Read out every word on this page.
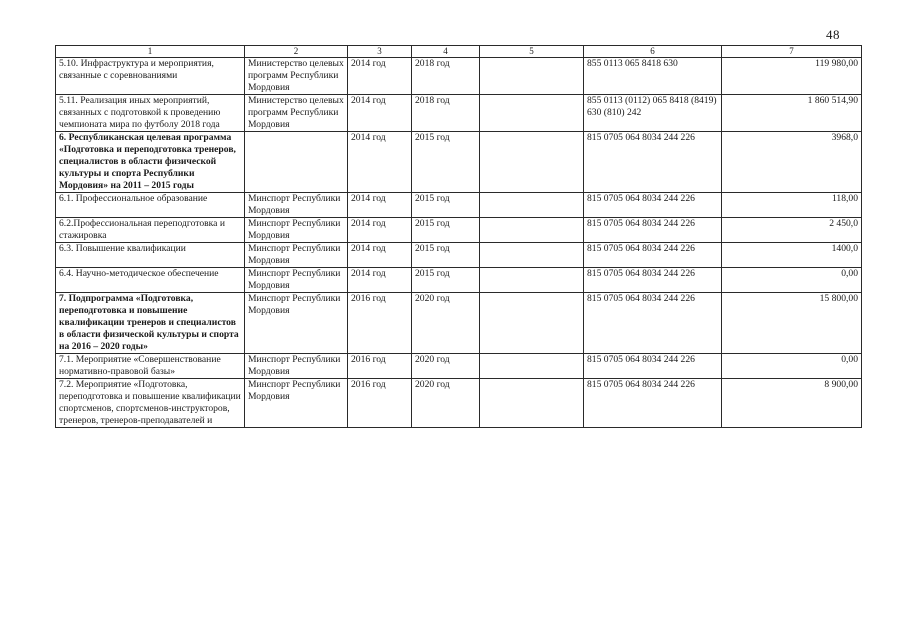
48
1	2	3	4	5	6	7
5.10. Инфраструктура и мероприятия, связанные с соревнованиями	Министерство целевых программ Республики Мордовия	2014 год	2018 год		855 0113 065 8418 630	119 980,00
5.11. Реализация иных мероприятий, связанных с подготовкой к проведению чемпионата мира по футболу 2018 года	Министерство целевых программ Республики Мордовия	2014 год	2018 год		855 0113 (0112) 065 8418 (8419) 630 (810) 242	1 860 514,90
6. Республиканская целевая программа «Подготовка и переподготовка тренеров, специалистов в области физической культуры и спорта Республики Мордовия» на 2011 – 2015 годы		2014 год	2015 год		815 0705 064 8034 244 226	3968,0
6.1. Профессиональное образование	Минспорт Республики Мордовия	2014 год	2015 год		815 0705 064 8034 244 226	118,00
6.2.Профессиональная переподготовка и стажировка	Минспорт Республики Мордовия	2014 год	2015 год		815 0705 064 8034 244 226	2 450,0
6.3. Повышение квалификации	Минспорт Республики Мордовия	2014 год	2015 год		815 0705 064 8034 244 226	1400,0
6.4. Научно-методическое обеспечение	Минспорт Республики Мордовия	2014 год	2015 год		815 0705 064 8034 244 226	0,00
7. Подпрограмма «Подготовка, переподготовка и повышение квалификации тренеров и специалистов в области физической культуры и спорта на 2016 – 2020 годы»	Минспорт Республики Мордовия	2016 год	2020 год		815 0705 064 8034 244 226	15 800,00
7.1. Мероприятие «Совершенствование нормативно-правовой базы»	Минспорт Республики Мордовия	2016 год	2020 год		815 0705 064 8034 244 226	0,00
7.2. Мероприятие «Подготовка, переподготовка и повышение квалификации спортсменов, спортсменов-инструкторов, тренеров, тренеров-преподавателей и	Минспорт Республики Мордовия	2016 год	2020 год		815 0705 064 8034 244 226	8 900,00
